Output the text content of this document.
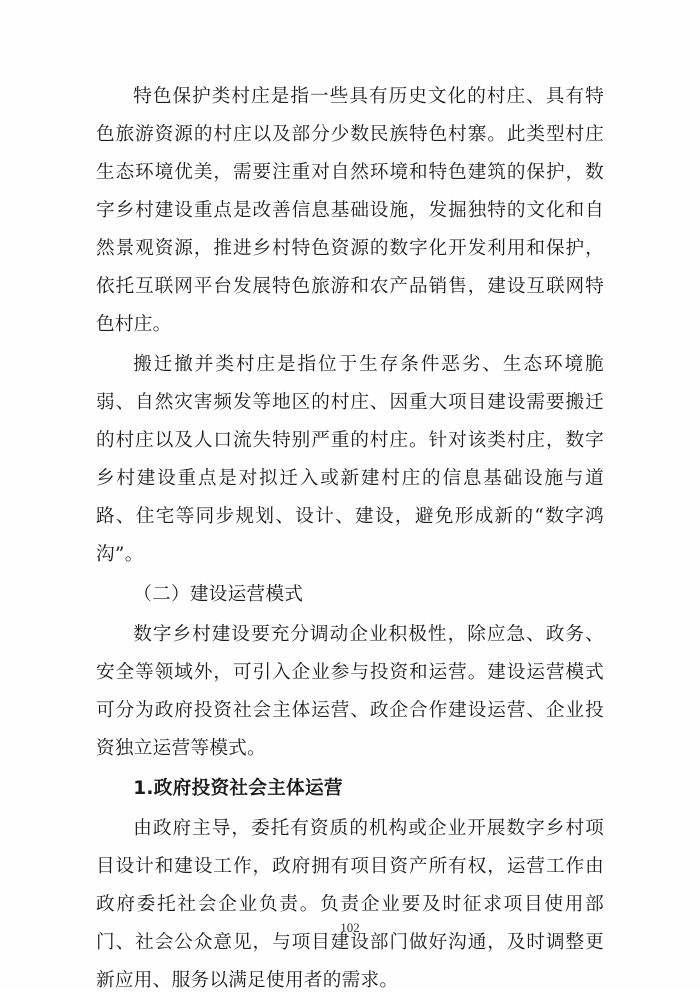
特色保护类村庄是指一些具有历史文化的村庄、具有特色旅游资源的村庄以及部分少数民族特色村寨。此类型村庄生态环境优美，需要注重对自然环境和特色建筑的保护，数字乡村建设重点是改善信息基础设施，发掘独特的文化和自然景观资源，推进乡村特色资源的数字化开发利用和保护，依托互联网平台发展特色旅游和农产品销售，建设互联网特色村庄。

搬迁撤并类村庄是指位于生存条件恶劣、生态环境脆弱、自然灾害频发等地区的村庄、因重大项目建设需要搬迁的村庄以及人口流失特别严重的村庄。针对该类村庄，数字乡村建设重点是对拟迁入或新建村庄的信息基础设施与道路、住宅等同步规划、设计、建设，避免形成新的“数字鸿沟”。

（二）建设运营模式

数字乡村建设要充分调动企业积极性，除应急、政务、安全等领域外，可引入企业参与投资和运营。建设运营模式可分为政府投资社会主体运营、政企合作建设运营、企业投资独立运营等模式。

1.政府投资社会主体运营

由政府主导，委托有资质的机构或企业开展数字乡村项目设计和建设工作，政府拥有项目资产所有权，运营工作由政府委托社会企业负责。负责企业要及时征求项目使用部门、社会公众意见，与项目建设部门做好沟通，及时调整更新应用、服务以满足使用者的需求。

102
